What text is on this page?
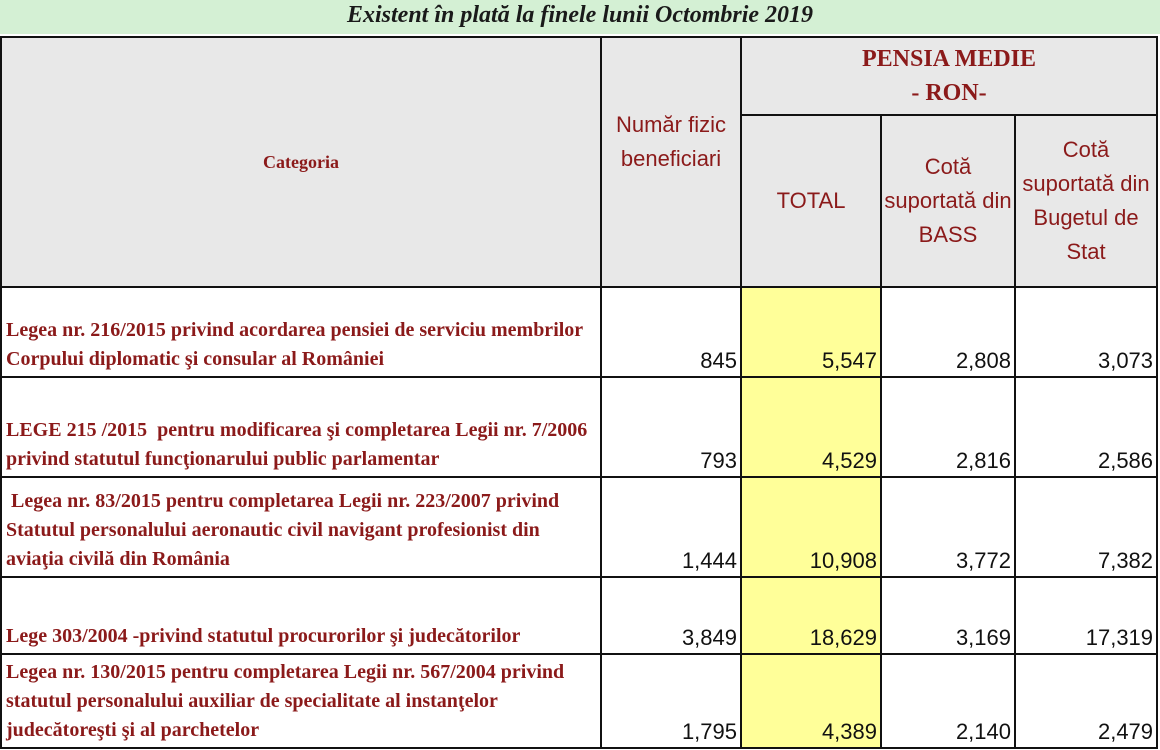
Existent în plată la finele lunii Octombrie 2019
Categoria	Număr fizic beneficiari	PENSIA MEDIE
- RON-		

		TOTAL	Cotă suportată din BASS	Cotă suportată din Bugetul de Stat
Legea nr. 216/2015 privind acordarea pensiei de serviciu membrilor Corpului diplomatic şi consular al României	845	5,547	2,808	3,073
LEGE 215 /2015  pentru modificarea şi completarea Legii nr. 7/2006 privind statutul funcţionarului public parlamentar	793	4,529	2,816	2,586
Legea nr. 83/2015 pentru completarea Legii nr. 223/2007 privind Statutul personalului aeronautic civil navigant profesionist din aviaţia civilă din România	1,444	10,908	3,772	7,382
Lege 303/2004 -privind statutul procurorilor şi judecătorilor	3,849	18,629	3,169	17,319
Legea nr. 130/2015 pentru completarea Legii nr. 567/2004 privind statutul personalului auxiliar de specialitate al instanţelor judecătoreşti şi al parchetelor	1,795	4,389	2,140	2,479
